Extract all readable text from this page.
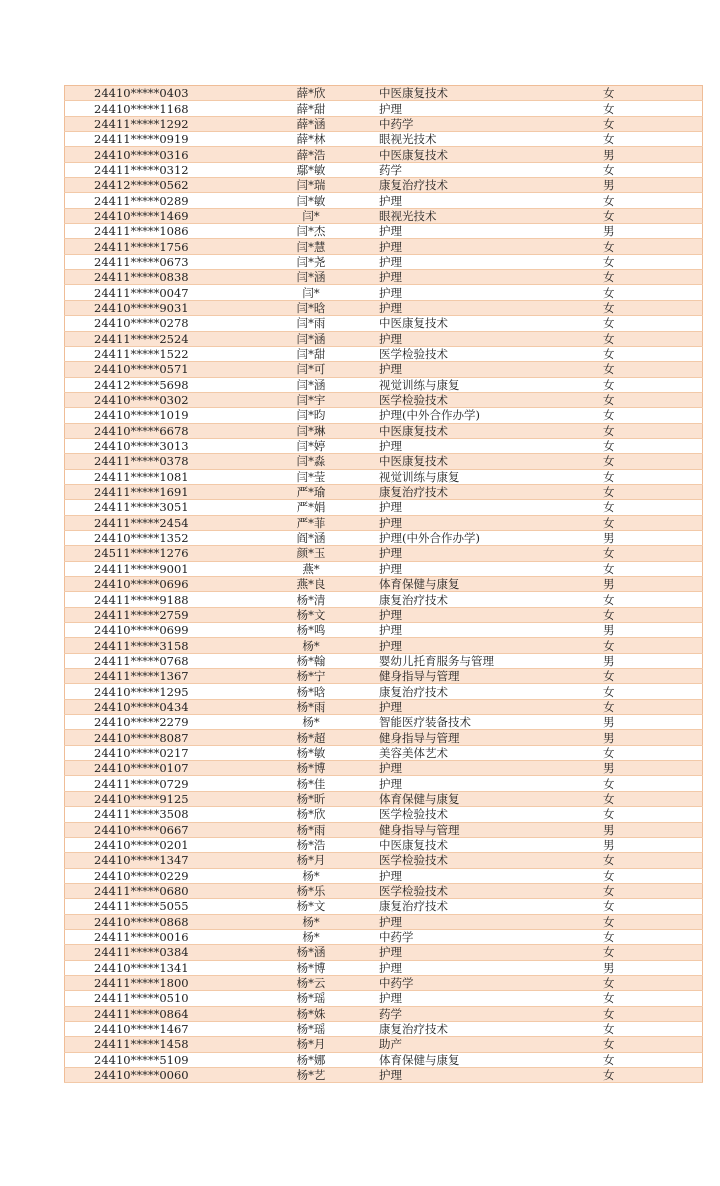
24410*****0403	薛*欣	中医康复技术	女
24410*****1168	薛*甜	护理	女
24411*****1292	薛*涵	中药学	女
24411*****0919	薛*林	眼视光技术	女
24410*****0316	薛*浩	中医康复技术	男
24411*****0312	鄢*敏	药学	女
24412*****0562	闫*瑞	康复治疗技术	男
24411*****0289	闫*敏	护理	女
24410*****1469	闫*	眼视光技术	女
24411*****1086	闫*杰	护理	男
24411*****1756	闫*慧	护理	女
24411*****0673	闫*尧	护理	女
24411*****0838	闫*涵	护理	女
24411*****0047	闫*	护理	女
24410*****9031	闫*晗	护理	女
24410*****0278	闫*雨	中医康复技术	女
24411*****2524	闫*涵	护理	女
24411*****1522	闫*甜	医学检验技术	女
24410*****0571	闫*可	护理	女
24412*****5698	闫*涵	视觉训练与康复	女
24410*****0302	闫*宇	医学检验技术	女
24410*****1019	闫*昀	护理(中外合作办学)	女
24410*****6678	闫*琳	中医康复技术	女
24410*****3013	闫*婷	护理	女
24411*****0378	闫*淼	中医康复技术	女
24411*****1081	闫*莹	视觉训练与康复	女
24411*****1691	严*瑜	康复治疗技术	女
24411*****3051	严*娟	护理	女
24411*****2454	严*菲	护理	女
24410*****1352	阎*涵	护理(中外合作办学)	男
24511*****1276	颜*玉	护理	女
24411*****9001	燕*	护理	女
24410*****0696	燕*良	体育保健与康复	男
24411*****9188	杨*清	康复治疗技术	女
24411*****2759	杨*文	护理	女
24410*****0699	杨*鸣	护理	男
24411*****3158	杨*	护理	女
24411*****0768	杨*翰	婴幼儿托育服务与管理	男
24411*****1367	杨*宁	健身指导与管理	女
24410*****1295	杨*晗	康复治疗技术	女
24410*****0434	杨*雨	护理	女
24410*****2279	杨*	智能医疗装备技术	男
24410*****8087	杨*超	健身指导与管理	男
24410*****0217	杨*敏	美容美体艺术	女
24410*****0107	杨*博	护理	男
24411*****0729	杨*佳	护理	女
24410*****9125	杨*昕	体育保健与康复	女
24411*****3508	杨*欣	医学检验技术	女
24410*****0667	杨*雨	健身指导与管理	男
24410*****0201	杨*浩	中医康复技术	男
24410*****1347	杨*月	医学检验技术	女
24410*****0229	杨*	护理	女
24411*****0680	杨*乐	医学检验技术	女
24411*****5055	杨*文	康复治疗技术	女
24410*****0868	杨*	护理	女
24411*****0016	杨*	中药学	女
24411*****0384	杨*涵	护理	女
24410*****1341	杨*博	护理	男
24411*****1800	杨*云	中药学	女
24411*****0510	杨*瑶	护理	女
24411*****0864	杨*姝	药学	女
24410*****1467	杨*瑶	康复治疗技术	女
24411*****1458	杨*月	助产	女
24410*****5109	杨*娜	体育保健与康复	女
24410*****0060	杨*艺	护理	女
